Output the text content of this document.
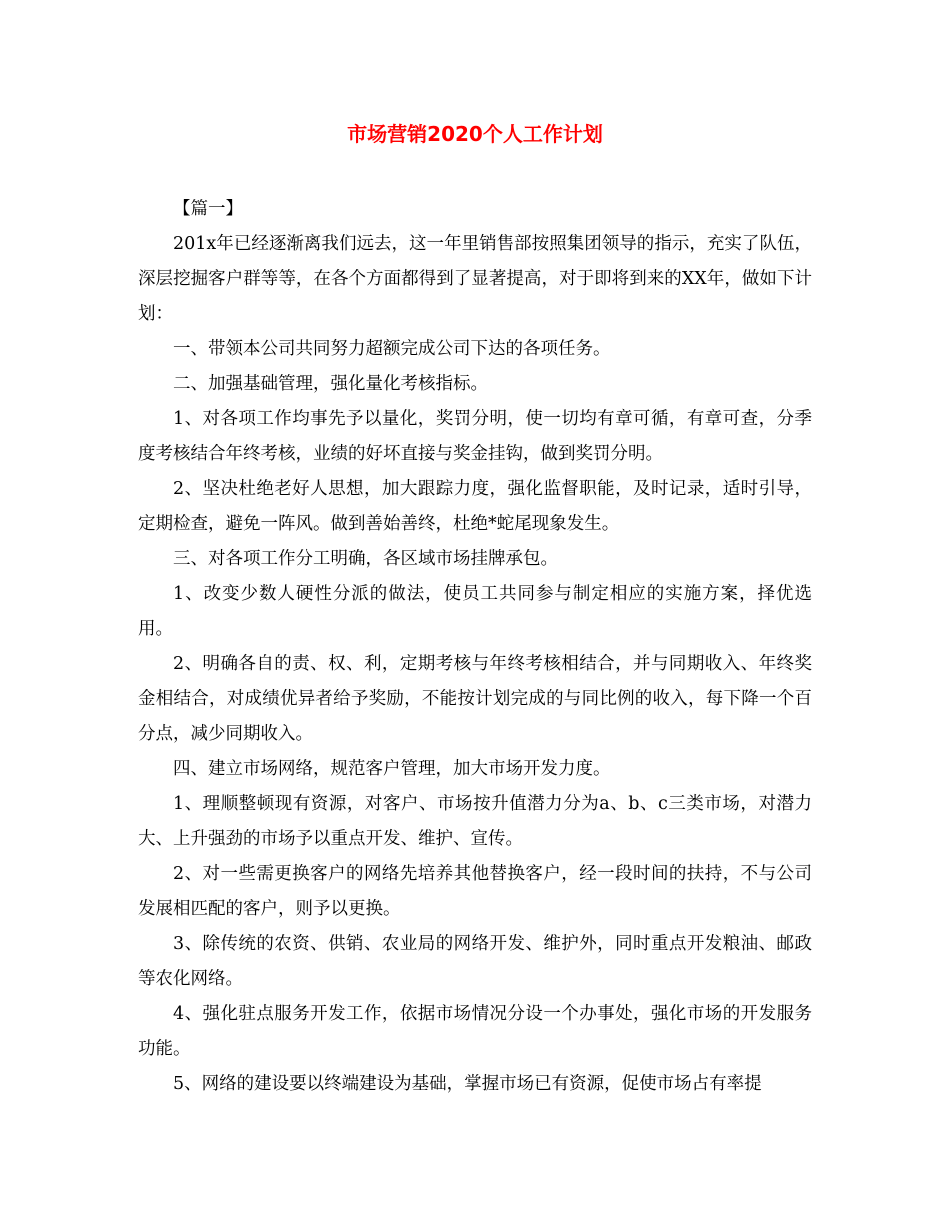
市场营销2020个人工作计划

【篇一】

201x年已经逐渐离我们远去，这一年里销售部按照集团领导的指示，充实了队伍，深层挖掘客户群等等，在各个方面都得到了显著提高，对于即将到来的XX年，做如下计划：

一、带领本公司共同努力超额完成公司下达的各项任务。

二、加强基础管理，强化量化考核指标。

1、对各项工作均事先予以量化，奖罚分明，使一切均有章可循，有章可查，分季度考核结合年终考核，业绩的好坏直接与奖金挂钩，做到奖罚分明。

2、坚决杜绝老好人思想，加大跟踪力度，强化监督职能，及时记录，适时引导，定期检查，避免一阵风。做到善始善终，杜绝*蛇尾现象发生。

三、对各项工作分工明确，各区域市场挂牌承包。

1、改变少数人硬性分派的做法，使员工共同参与制定相应的实施方案，择优选用。

2、明确各自的责、权、利，定期考核与年终考核相结合，并与同期收入、年终奖金相结合，对成绩优异者给予奖励，不能按计划完成的与同比例的收入，每下降一个百分点，减少同期收入。

四、建立市场网络，规范客户管理，加大市场开发力度。

1、理顺整顿现有资源，对客户、市场按升值潜力分为a、b、c三类市场，对潜力大、上升强劲的市场予以重点开发、维护、宣传。

2、对一些需更换客户的网络先培养其他替换客户，经一段时间的扶持，不与公司发展相匹配的客户，则予以更换。

3、除传统的农资、供销、农业局的网络开发、维护外，同时重点开发粮油、邮政等农化网络。

4、强化驻点服务开发工作，依据市场情况分设一个办事处，强化市场的开发服务功能。

5、网络的建设要以终端建设为基础，掌握市场已有资源，促使市场占有率提
